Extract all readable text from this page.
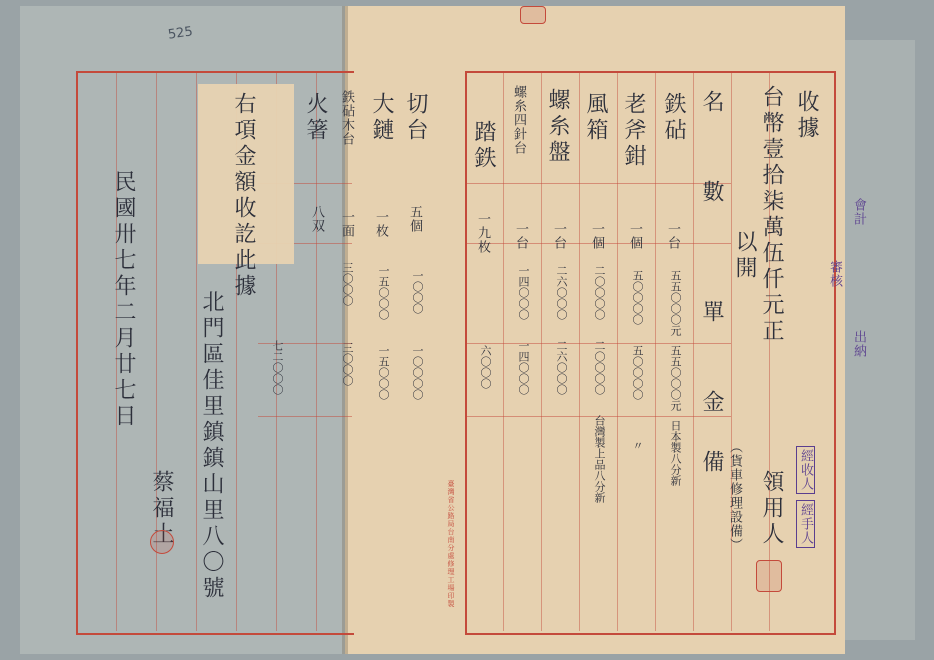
525
收據
台幣壹拾柒萬伍仟元正
以開
領用人
（貨車修理設備）
名
數
單
金
備
鉄砧
一台
五五〇〇〇元
五五〇〇〇元
日本製八分新
老斧鉗
一個
五〇〇〇〇
五〇〇〇〇
〃
風箱
一個
二〇〇〇〇
二〇〇〇〇
台灣製上品八分新
螺糸盤
一台
二六〇〇〇
二六〇〇〇
螺糸四針台
一台
一四〇〇〇
一四〇〇〇
踏鉄
一九枚
六〇〇〇
切台
五個
一〇〇〇
一〇〇〇〇
大鏈
一枚
一五〇〇〇
一五〇〇〇
鉄砧木台
一面
三〇〇〇
三〇〇〇
火箸
八双
七二〇〇〇
右項金額收訖此據
北門區佳里鎮鎮山里八〇號
蔡福土
民國卅七年二月廿七日	會計
審核
出納
經收人
經手人
臺灣省公路局台南分處修理工場印製
